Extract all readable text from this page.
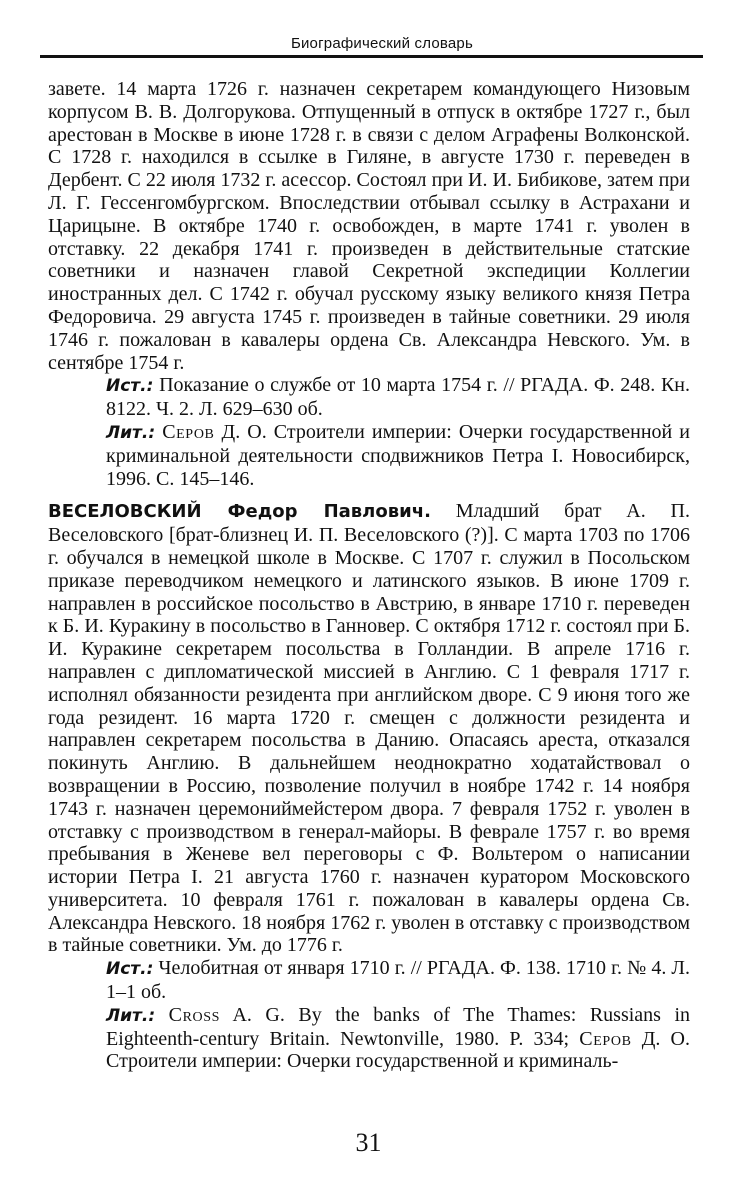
Биографический словарь

завете. 14 марта 1726 г. назначен секретарем командующего Низовым корпусом В. В. Долгорукова. Отпущенный в отпуск в октябре 1727 г., был арестован в Москве в июне 1728 г. в связи с делом Аграфены Волконской. С 1728 г. находился в ссылке в Гиляне, в августе 1730 г. переведен в Дербент. С 22 июля 1732 г. асессор. Состоял при И. И. Бибикове, затем при Л. Г. Гессенгомбургском. Впоследствии отбывал ссылку в Астрахани и Царицыне. В октябре 1740 г. освобожден, в марте 1741 г. уволен в отставку. 22 декабря 1741 г. произведен в действительные статские советники и назначен главой Секретной экспедиции Коллегии иностранных дел. С 1742 г. обучал русскому языку великого князя Петра Федоровича. 29 августа 1745 г. произведен в тайные советники. 29 июля 1746 г. пожалован в кавалеры ордена Св. Александра Невского. Ум. в сентябре 1754 г.

Ист.: Показание о службе от 10 марта 1754 г. // РГАДА. Ф. 248. Кн. 8122. Ч. 2. Л. 629–630 об.

Лит.: Серов Д. О. Строители империи: Очерки государственной и криминальной деятельности сподвижников Петра I. Новосибирск, 1996. С. 145–146.

ВЕСЕЛОВСКИЙ Федор Павлович. Младший брат А. П. Веселовского [брат-близнец И. П. Веселовского (?)]. С марта 1703 по 1706 г. обучался в немецкой школе в Москве. С 1707 г. служил в Посольском приказе переводчиком немецкого и латинского языков. В июне 1709 г. направлен в российское посольство в Австрию, в январе 1710 г. переведен к Б. И. Куракину в посольство в Ганновер. С октября 1712 г. состоял при Б. И. Куракине секретарем посольства в Голландии. В апреле 1716 г. направлен с дипломатической миссией в Англию. С 1 февраля 1717 г. исполнял обязанности резидента при английском дворе. С 9 июня того же года резидент. 16 марта 1720 г. смещен с должности резидента и направлен секретарем посольства в Данию. Опасаясь ареста, отказался покинуть Англию. В дальнейшем неоднократно ходатайствовал о возвращении в Россию, позволение получил в ноябре 1742 г. 14 ноября 1743 г. назначен церемониймейстером двора. 7 февраля 1752 г. уволен в отставку с производством в генерал-майоры. В феврале 1757 г. во время пребывания в Женеве вел переговоры с Ф. Вольтером о написании истории Петра I. 21 августа 1760 г. назначен куратором Московского университета. 10 февраля 1761 г. пожалован в кавалеры ордена Св. Александра Невского. 18 ноября 1762 г. уволен в отставку с производством в тайные советники. Ум. до 1776 г.

Ист.: Челобитная от января 1710 г. // РГАДА. Ф. 138. 1710 г. № 4. Л. 1–1 об.

Лит.: Cross A. G. By the banks of The Thames: Russians in Eighteenth-century Britain. Newtonville, 1980. P. 334; Серов Д. О. Строители империи: Очерки государственной и криминаль-

31
